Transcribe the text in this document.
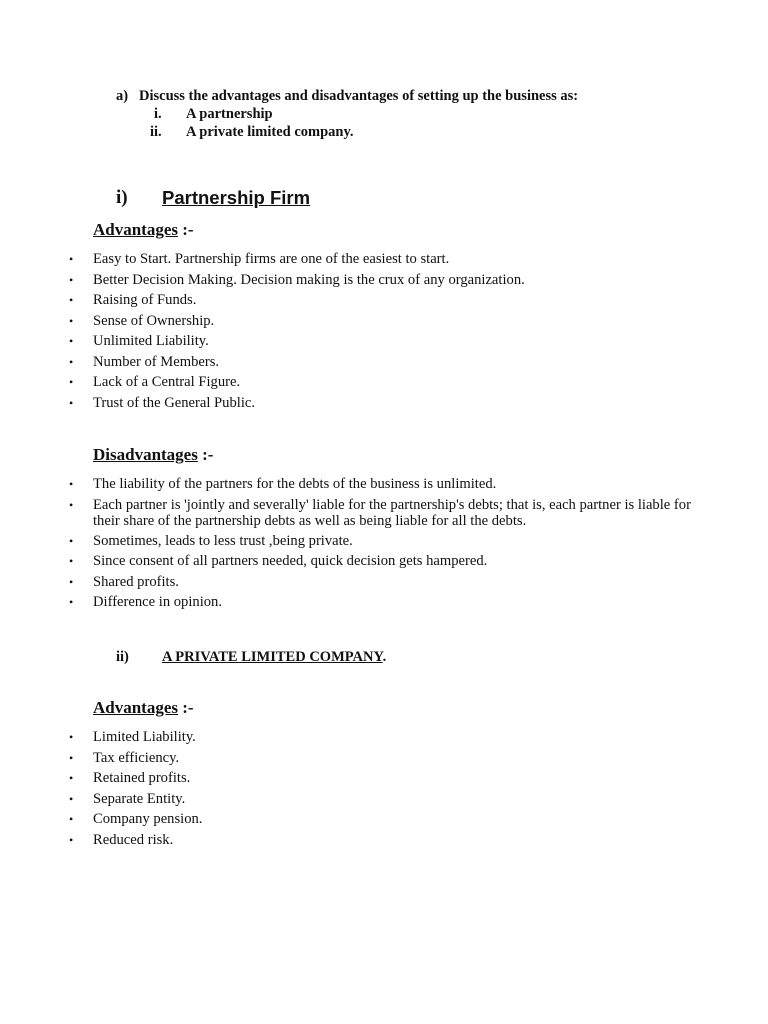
a) Discuss the advantages and disadvantages of setting up the business as:
i. A partnership
ii. A private limited company.
i) Partnership Firm
Advantages :-
• Easy to Start. Partnership firms are one of the easiest to start.
• Better Decision Making. Decision making is the crux of any organization.
• Raising of Funds.
• Sense of Ownership.
• Unlimited Liability.
• Number of Members.
• Lack of a Central Figure.
• Trust of the General Public.
Disadvantages :-
• The liability of the partners for the debts of the business is unlimited.
• Each partner is 'jointly and severally' liable for the partnership's debts; that is, each partner is liable for their share of the partnership debts as well as being liable for all the debts.
• Sometimes, leads to less trust ,being private.
• Since consent of all partners needed, quick decision gets hampered.
• Shared profits.
• Difference in opinion.
ii) A PRIVATE LIMITED COMPANY.
Advantages :-
• Limited Liability.
• Tax efficiency.
• Retained profits.
• Separate Entity.
• Company pension.
• Reduced risk.
